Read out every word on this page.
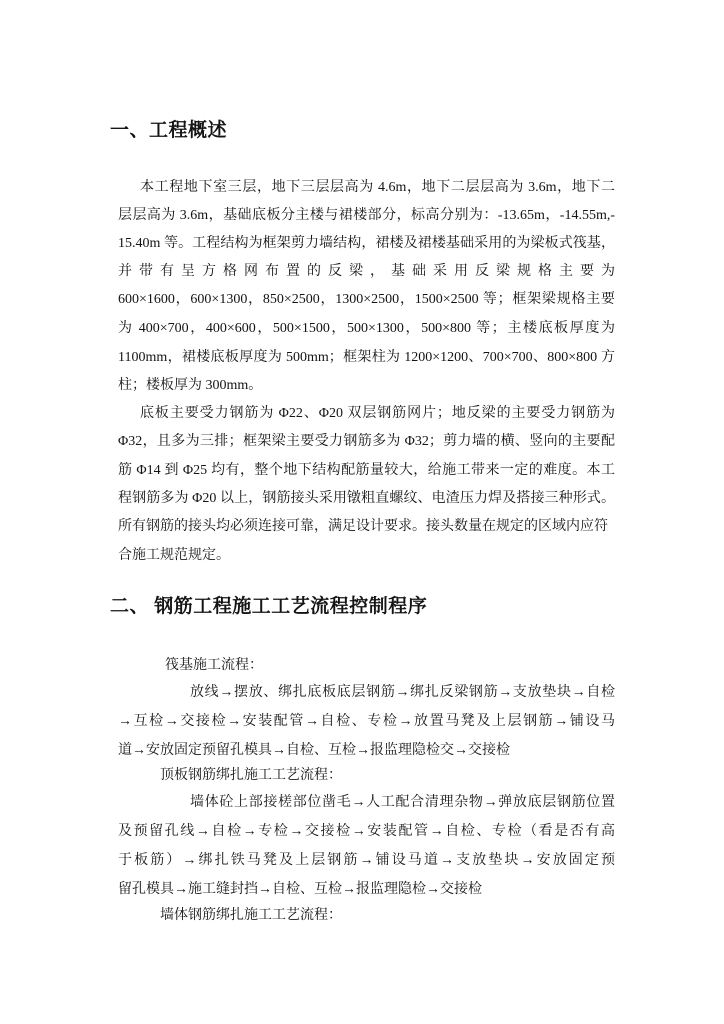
一、工程概述
本工程地下室三层，地下三层层高为 4.6m，地下二层层高为 3.6m，地下二
层层高为 3.6m，基础底板分主楼与裙楼部分，标高分别为：-13.65m，-14.55m,-
15.40m 等。工程结构为框架剪力墙结构，裙楼及裙楼基础采用的为梁板式筏基，
并带有呈方格网布置的反梁，基础采用反梁规格主要为
600×1600，600×1300，850×2500，1300×2500，1500×2500 等；框架梁规格主要
为 400×700，400×600，500×1500，500×1300，500×800 等；主楼底板厚度为
1100mm，裙楼底板厚度为 500mm；框架柱为 1200×1200、700×700、800×800 方
柱；楼板厚为 300mm。
底板主要受力钢筋为 Φ22、Φ20 双层钢筋网片；地反梁的主要受力钢筋为
Φ32，且多为三排；框架梁主要受力钢筋多为 Φ32；剪力墙的横、竖向的主要配
筋 Φ14 到 Φ25 均有，整个地下结构配筋量较大，给施工带来一定的难度。本工
程钢筋多为 Φ20 以上，钢筋接头采用镦粗直螺纹、电渣压力焊及搭接三种形式。
所有钢筋的接头均必须连接可靠，满足设计要求。接头数量在规定的区域内应符
合施工规范规定。
二、 钢筋工程施工工艺流程控制程序
筏基施工流程：
放线→摆放、绑扎底板底层钢筋→绑扎反梁钢筋→支放垫块→自检
→互检→交接检→安装配管→自检、专检→放置马凳及上层钢筋→铺设马
道→安放固定预留孔模具→自检、互检→报监理隐检交→交接检
顶板钢筋绑扎施工工艺流程：
墙体砼上部接槎部位凿毛→人工配合清理杂物→弹放底层钢筋位置
及预留孔线→自检→专检→交接检→安装配管→自检、专检（看是否有高
于板筋）→绑扎铁马凳及上层钢筋→铺设马道→支放垫块→安放固定预
留孔模具→施工缝封挡→自检、互检→报监理隐检→交接检
墙体钢筋绑扎施工工艺流程：
